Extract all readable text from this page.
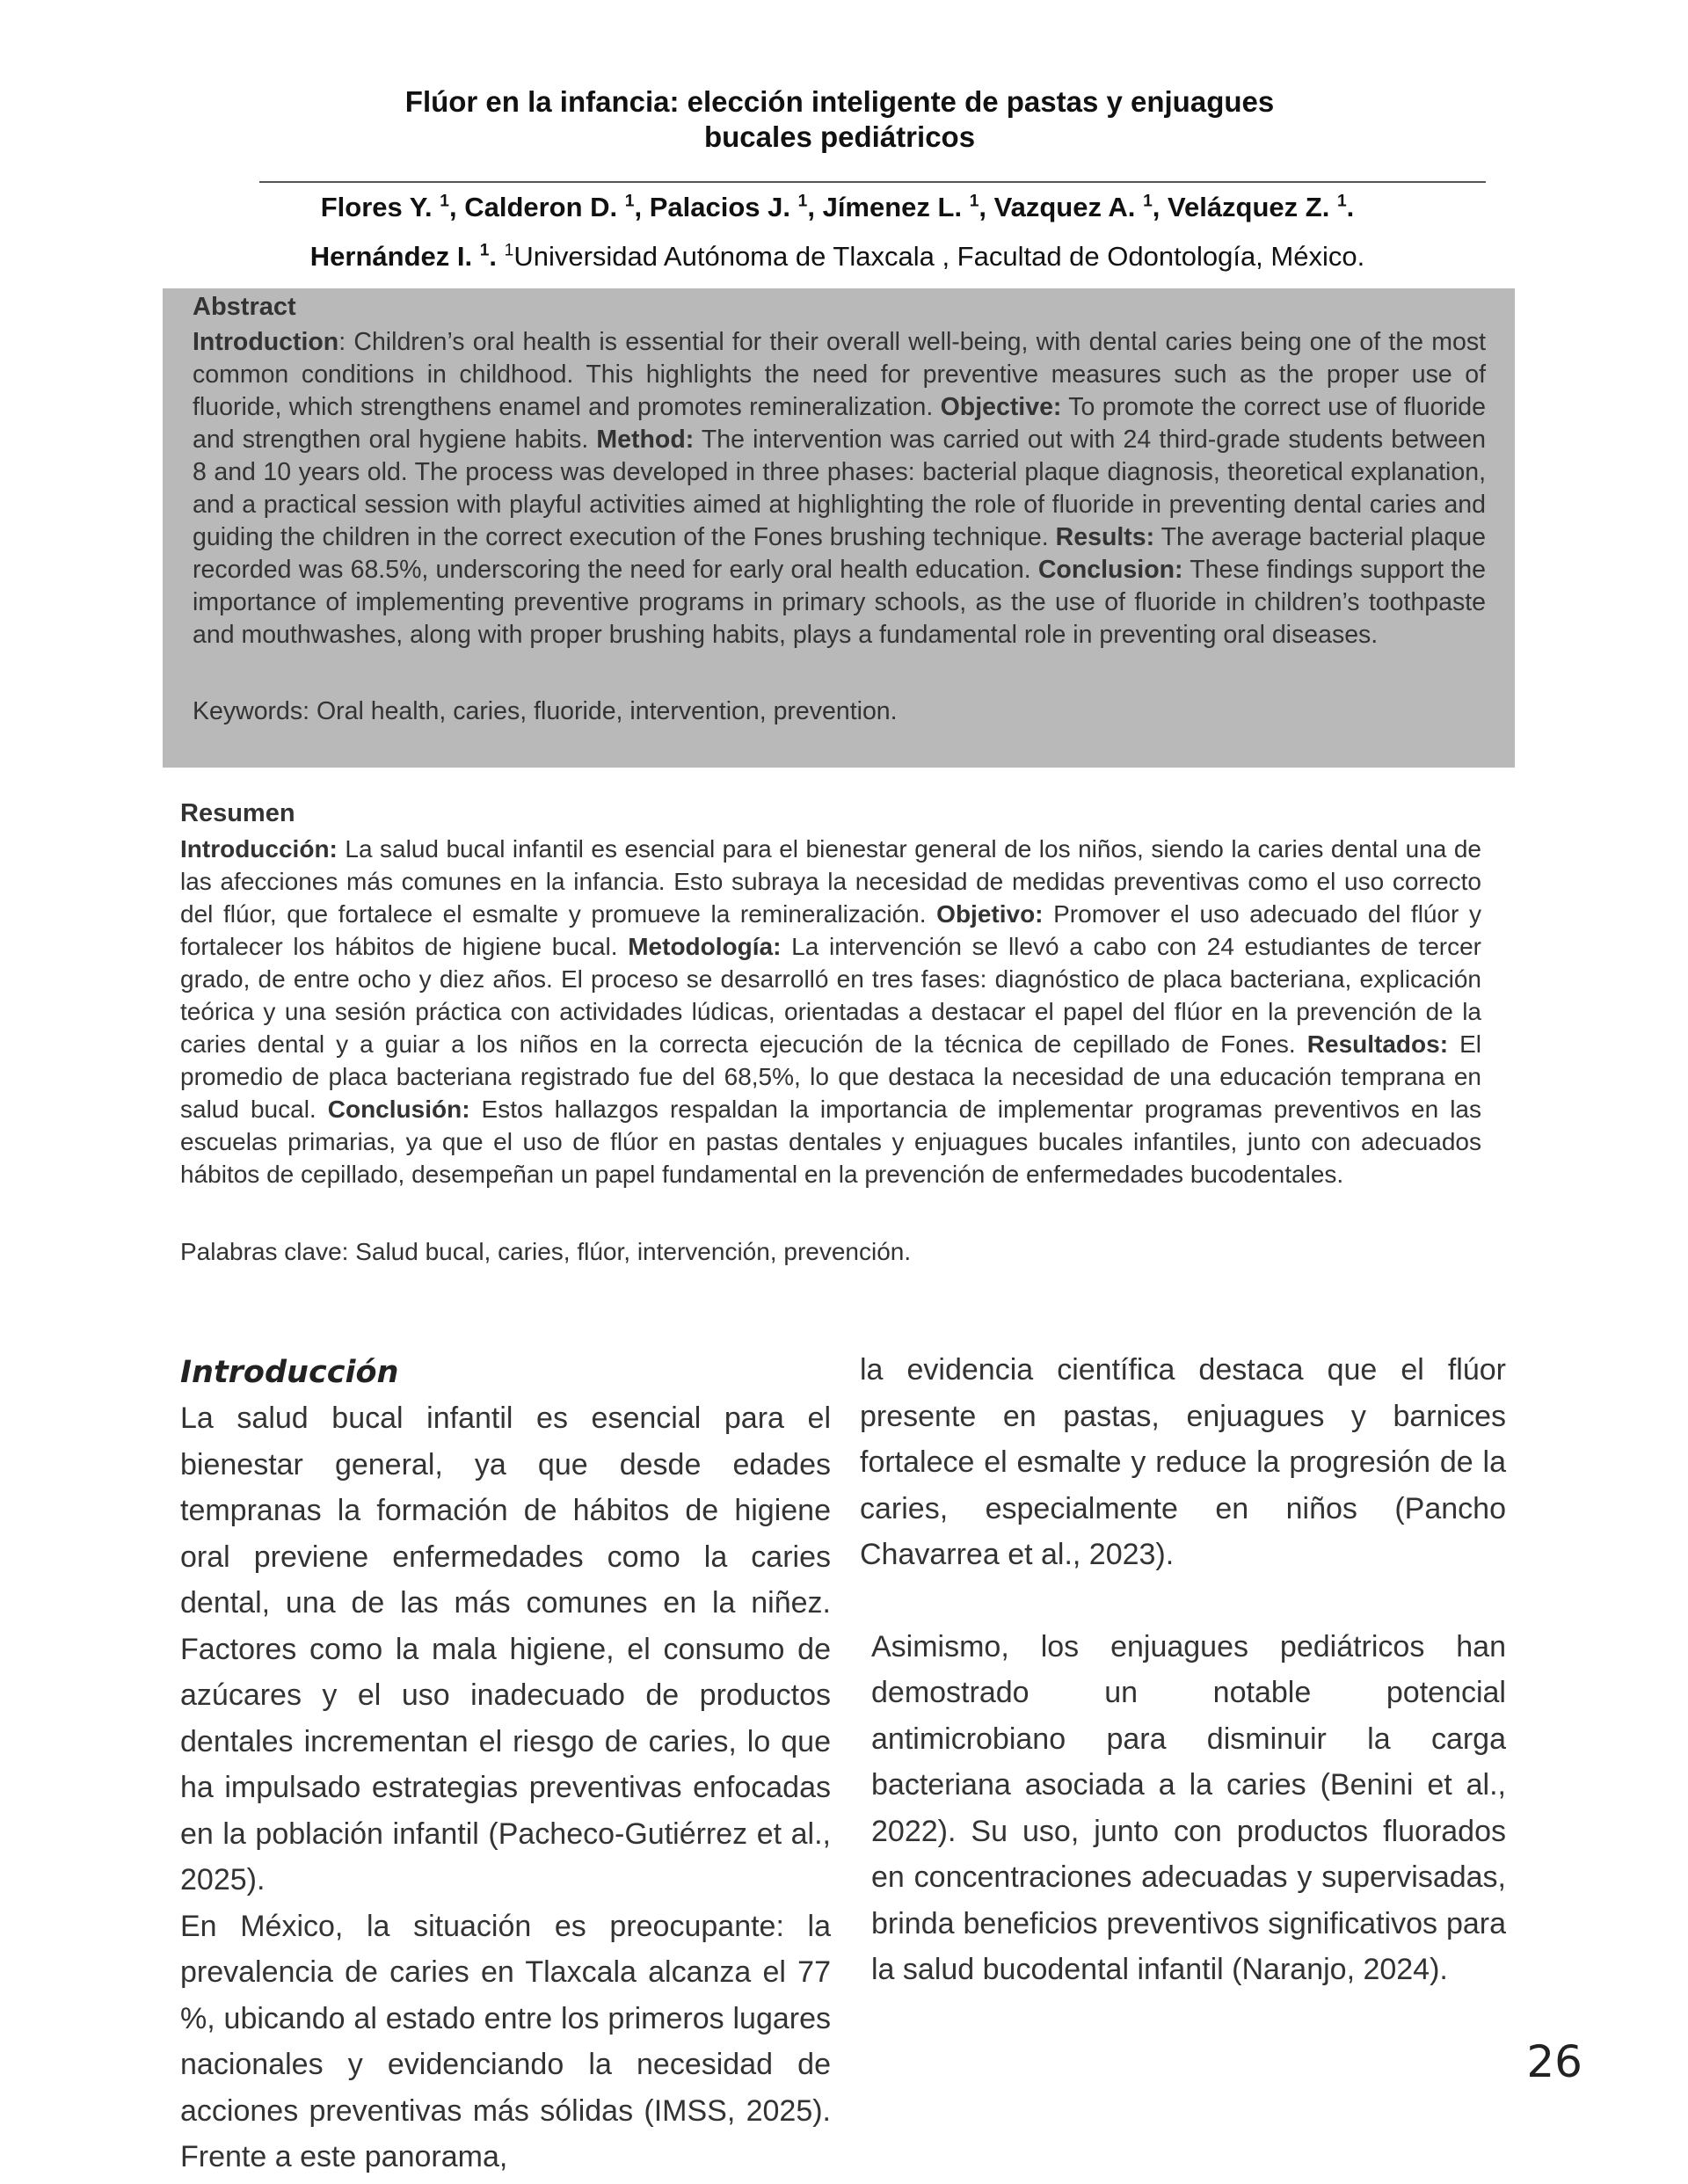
Flúor en la infancia: elección inteligente de pastas y enjuagues
bucales pediátricos
Flores Y. $^1$, Calderon D. $^1$, Palacios J. $^1$, Jímenez L. $^1$, Vazquez A. $^1$, Velázquez Z. $^1$.
Hernández I. $^1$. $^1$Universidad Autónoma de Tlaxcala , Facultad de Odontología, México.
Abstract
Introduction: Children’s oral health is essential for their overall well-being, with dental caries being one of the most common conditions in childhood. This highlights the need for preventive measures such as the proper use of fluoride, which strengthens enamel and promotes remineralization. Objective: To promote the correct use of fluoride and strengthen oral hygiene habits. Method: The intervention was carried out with 24 third-grade students between 8 and 10 years old. The process was developed in three phases: bacterial plaque diagnosis, theoretical explanation, and a practical session with playful activities aimed at highlighting the role of fluoride in preventing dental caries and guiding the children in the correct execution of the Fones brushing technique. Results: The average bacterial plaque recorded was 68.5%, underscoring the need for early oral health education. Conclusion: These findings support the importance of implementing preventive programs in primary schools, as the use of fluoride in children’s toothpaste and mouthwashes, along with proper brushing habits, plays a fundamental role in preventing oral diseases.
Keywords: Oral health, caries, fluoride, intervention, prevention.
Resumen
Introducción: La salud bucal infantil es esencial para el bienestar general de los niños, siendo la caries dental una de las afecciones más comunes en la infancia. Esto subraya la necesidad de medidas preventivas como el uso correcto del flúor, que fortalece el esmalte y promueve la remineralización. Objetivo: Promover el uso adecuado del flúor y fortalecer los hábitos de higiene bucal. Metodología: La intervención se llevó a cabo con 24 estudiantes de tercer grado, de entre ocho y diez años. El proceso se desarrolló en tres fases: diagnóstico de placa bacteriana, explicación teórica y una sesión práctica con actividades lúdicas, orientadas a destacar el papel del flúor en la prevención de la caries dental y a guiar a los niños en la correcta ejecución de la técnica de cepillado de Fones. Resultados: El promedio de placa bacteriana registrado fue del 68,5%, lo que destaca la necesidad de una educación temprana en salud bucal. Conclusión: Estos hallazgos respaldan la importancia de implementar programas preventivos en las escuelas primarias, ya que el uso de flúor en pastas dentales y enjuagues bucales infantiles, junto con adecuados hábitos de cepillado, desempeñan un papel fundamental en la prevención de enfermedades bucodentales.
Palabras clave: Salud bucal, caries, flúor, intervención, prevención.
Introducción

La salud bucal infantil es esencial para el bienestar general, ya que desde edades tempranas la formación de hábitos de higiene oral previene enfermedades como la caries dental, una de las más comunes en la niñez. Factores como la mala higiene, el consumo de azúcares y el uso inadecuado de productos dentales incrementan el riesgo de caries, lo que ha impulsado estrategias preventivas enfocadas en la población infantil (Pacheco-Gutiérrez et al., 2025).

En México, la situación es preocupante: la prevalencia de caries en Tlaxcala alcanza el 77 %, ubicando al estado entre los primeros lugares nacionales y evidenciando la necesidad de acciones preventivas más sólidas (IMSS, 2025). Frente a este panorama,

la evidencia científica destaca que el flúor presente en pastas, enjuagues y barnices fortalece el esmalte y reduce la progresión de la caries, especialmente en niños (Pancho Chavarrea et al., 2023).

Asimismo, los enjuagues pediátricos han demostrado un notable potencial antimicrobiano para disminuir la carga bacteriana asociada a la caries (Benini et al., 2022). Su uso, junto con productos fluorados en concentraciones adecuadas y supervisadas, brinda beneficios preventivos significativos para la salud bucodental infantil (Naranjo, 2024).

26
